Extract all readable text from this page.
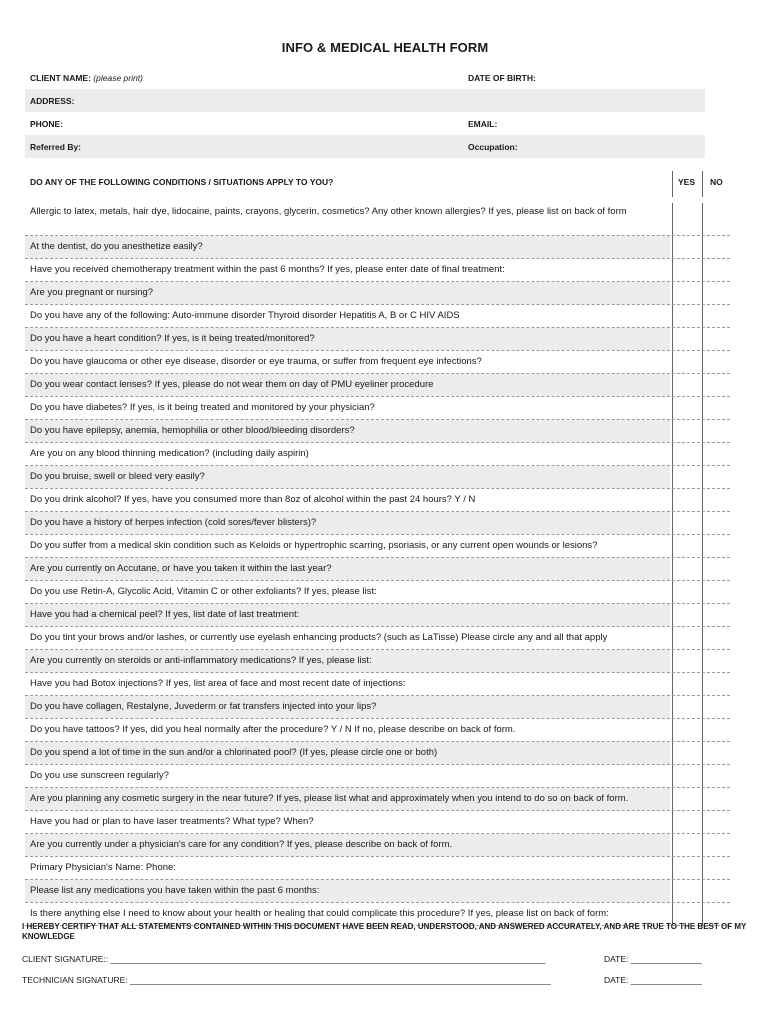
INFO & MEDICAL HEALTH FORM
CLIENT NAME: (please print)	DATE OF BIRTH:
ADDRESS:
PHONE:	EMAIL:
Referred By:	Occupation:
DO ANY OF THE FOLLOWING CONDITIONS / SITUATIONS APPLY TO YOU?	YES NO
Allergic to latex, metals, hair dye, lidocaine, paints, crayons, glycerin, cosmetics? Any other known allergies? If yes, please list on back of form
At the dentist, do you anesthetize easily?
Have you received chemotherapy treatment within the past 6 months? If yes, please enter date of final treatment:
Are you pregnant or nursing?
Do you have any of the following: Auto-immune disorder Thyroid disorder Hepatitis A, B or C HIV AIDS
Do you have a heart condition? If yes, is it being treated/monitored?
Do you have glaucoma or other eye disease, disorder or eye trauma, or suffer from frequent eye infections?
Do you wear contact lenses? If yes, please do not wear them on day of PMU eyeliner procedure
Do you have diabetes? If yes, is it being treated and monitored by your physician?
Do you have epilepsy, anemia, hemophilia or other blood/bleeding disorders?
Are you on any blood thinning medication? (including daily aspirin)
Do you bruise, swell or bleed very easily?
Do you drink alcohol? If yes, have you consumed more than 8oz of alcohol within the past 24 hours? Y / N
Do you have a history of herpes infection (cold sores/fever blisters)?
Do you suffer from a medical skin condition such as Keloids or hypertrophic scarring, psoriasis, or any current open wounds or lesions?
Are you currently on Accutane, or have you taken it within the last year?
Do you use Retin-A, Glycolic Acid, Vitamin C or other exfoliants? If yes, please list:
Have you had a chemical peel? If yes, list date of last treatment:
Do you tint your brows and/or lashes, or currently use eyelash enhancing products? (such as LaTisse) Please circle any and all that apply
Are you currently on steroids or anti-inflammatory medications? If yes, please list:
Have you had Botox injections? If yes, list area of face and most recent date of injections:
Do you have collagen, Restalyne, Juvederm or fat transfers injected into your lips?
Do you have tattoos? If yes, did you heal normally after the procedure? Y / N If no, please describe on back of form.
Do you spend a lot of time in the sun and/or a chlorinated pool? (If yes, please circle one or both)
Do you use sunscreen regularly?
Are you planning any cosmetic surgery in the near future? If yes, please list what and approximately when you intend to do so on back of form.
Have you had or plan to have laser treatments? What type? When?
Are you currently under a physician's care for any condition? If yes, please describe on back of form.
Primary Physician's Name: Phone:
Please list any medications you have taken within the past 6 months:
Is there anything else I need to know about your health or healing that could complicate this procedure? If yes, please list on back of form:
I HEREBY CERTIFY THAT ALL STATEMENTS CONTAINED WITHIN THIS DOCUMENT HAVE BEEN READ, UNDERSTOOD, AND ANSWERED ACCURATELY, AND ARE TRUE TO THE BEST OF MY KNOWLEDGE
CLIENT SIGNATURE:: ____________________________________________________________________________________________	DATE: _______________
TECHNICIAN SIGNATURE: _________________________________________________________________________________________	DATE: _______________
